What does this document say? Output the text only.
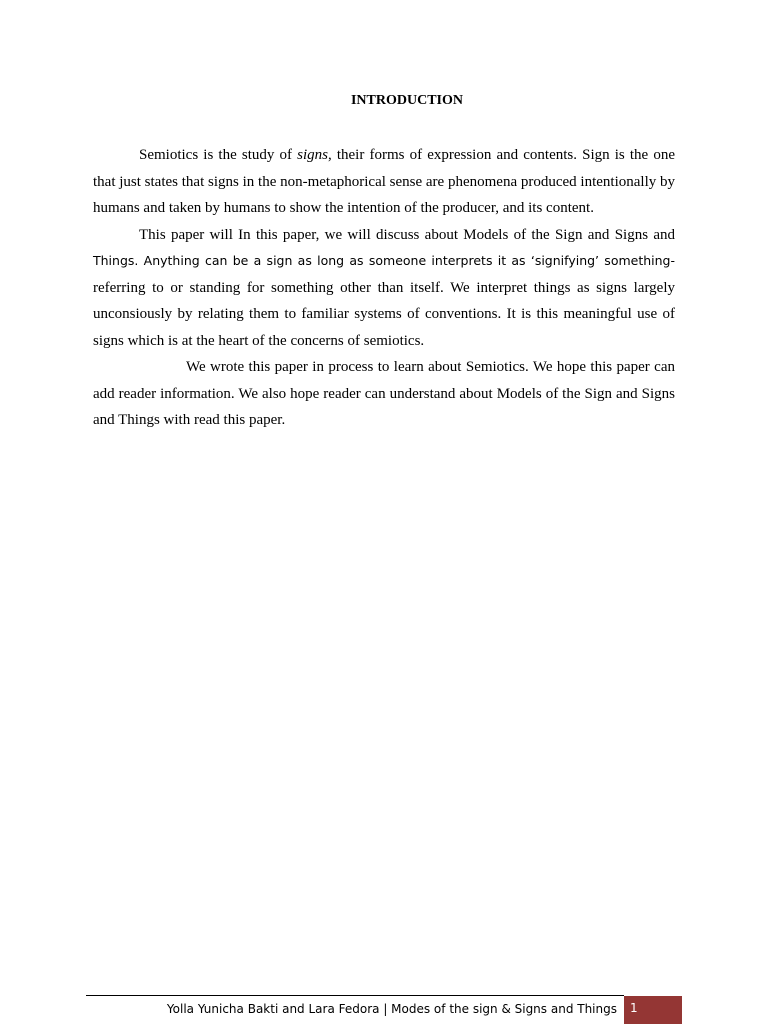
INTRODUCTION

Semiotics is the study of signs, their forms of expression and contents. Sign is the one that just states that signs in the non-metaphorical sense are phenomena produced intentionally by humans and taken by humans to show the intention of the producer, and its content.

This paper will In this paper, we will discuss about Models of the Sign and Signs and Things. Anything can be a sign as long as someone interprets it as ‘signifying’ something-referring to or standing for something other than itself. We interpret things as signs largely unconsiously by relating them to familiar systems of conventions. It is this meaningful use of signs which is at the heart of the concerns of semiotics.

We wrote this paper in process to learn about Semiotics. We hope this paper can add reader information. We also hope reader can understand about Models of the Sign and Signs and Things with read this paper.

Yolla Yunicha Bakti and Lara Fedora | Modes of the sign & Signs and Things	1
